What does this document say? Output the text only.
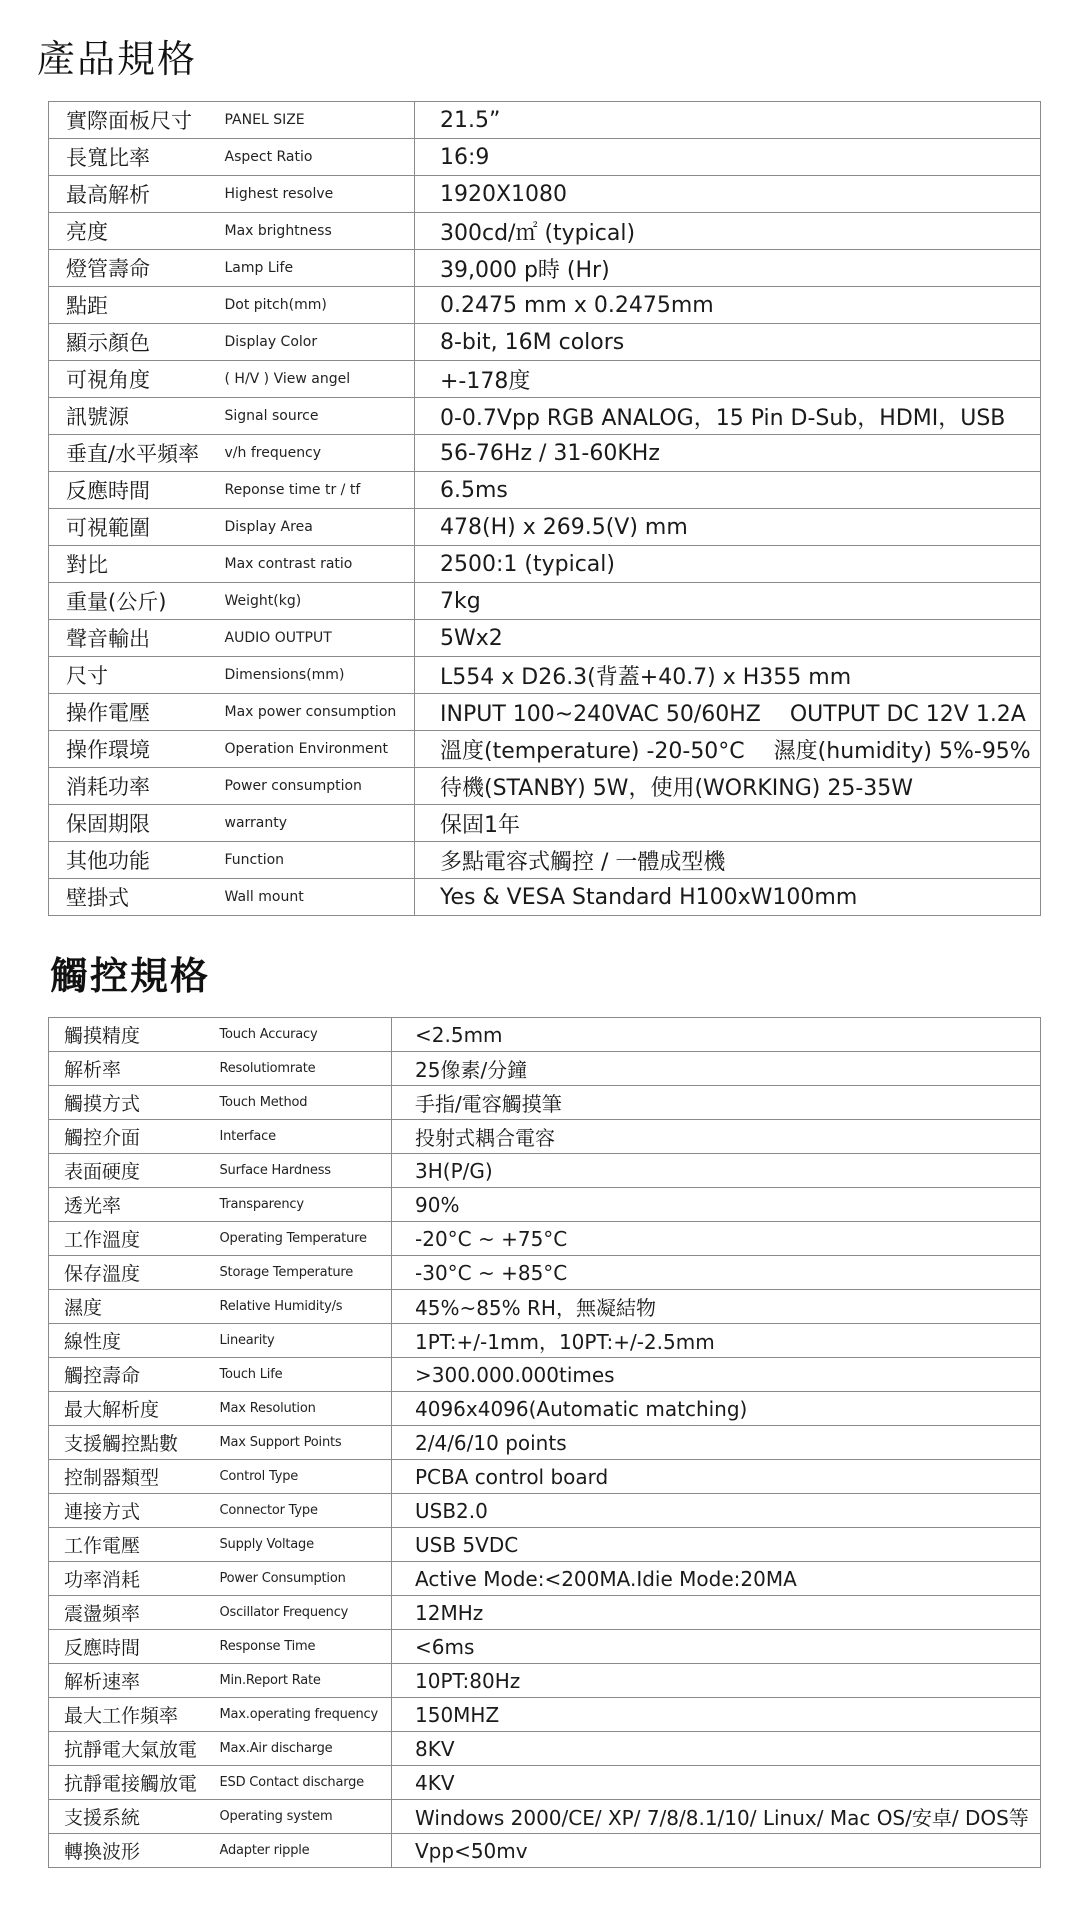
產品規格
實際面板尺寸	PANEL SIZE	21.5”
長寬比率	Aspect Ratio	16:9
最高解析	Highest resolve	1920X1080
亮度	Max brightness	300cd/㎡ (typical)
燈管壽命	Lamp Life	39,000 p時 (Hr)
點距	Dot pitch(mm)	0.2475 mm x 0.2475mm
顯示顏色	Display Color	8-bit, 16M colors
可視角度	( H/V ) View angel	+-178度
訊號源	Signal source	0-0.7Vpp RGB ANALOG，15 Pin D-Sub，HDMI，USB
垂直/水平頻率	v/h frequency	56-76Hz / 31-60KHz
反應時間	Reponse time tr / tf	6.5ms
可視範圍	Display Area	478(H) x 269.5(V) mm
對比	Max contrast ratio	2500:1 (typical)
重量(公斤)	Weight(kg)	7kg
聲音輸出	AUDIO OUTPUT	5Wx2
尺寸	Dimensions(mm)	L554 x D26.3(背蓋+40.7) x H355 mm
操作電壓	Max power consumption	INPUT 100~240VAC 50/60HZ　 OUTPUT DC 12V 1.2A
操作環境	Operation Environment	溫度(temperature) -20-50°C　 濕度(humidity) 5%-95%
消耗功率	Power consumption	待機(STANBY) 5W，使用(WORKING) 25-35W
保固期限	warranty	保固1年
其他功能	Function	多點電容式觸控 / 一體成型機
壁掛式	Wall mount	Yes & VESA Standard H100xW100mm
觸控規格
觸摸精度	Touch Accuracy	<2.5mm
解析率	Resolutiomrate	25像素/分鐘
觸摸方式	Touch Method	手指/電容觸摸筆
觸控介面	Interface	投射式耦合電容
表面硬度	Surface Hardness	3H(P/G)
透光率	Transparency	90%
工作溫度	Operating Temperature	-20°C ~ +75°C
保存溫度	Storage Temperature	-30°C ~ +85°C
濕度	Relative Humidity/s	45%~85% RH，無凝結物
線性度	Linearity	1PT:+/-1mm，10PT:+/-2.5mm
觸控壽命	Touch Life	>300.000.000times
最大解析度	Max Resolution	4096x4096(Automatic matching)
支援觸控點數	Max Support Points	2/4/6/10 points
控制器類型	Control Type	PCBA control board
連接方式	Connector Type	USB2.0
工作電壓	Supply Voltage	USB 5VDC
功率消耗	Power Consumption	Active Mode:<200MA.Idie Mode:20MA
震盪頻率	Oscillator Frequency	12MHz
反應時間	Response Time	<6ms
解析速率	Min.Report Rate	10PT:80Hz
最大工作頻率	Max.operating frequency	150MHZ
抗靜電大氣放電	Max.Air discharge	8KV
抗靜電接觸放電	ESD Contact discharge	4KV
支援系統	Operating system	Windows 2000/CE/ XP/ 7/8/8.1/10/ Linux/ Mac OS/安卓/ DOS等
轉換波形	Adapter ripple	Vpp<50mv
